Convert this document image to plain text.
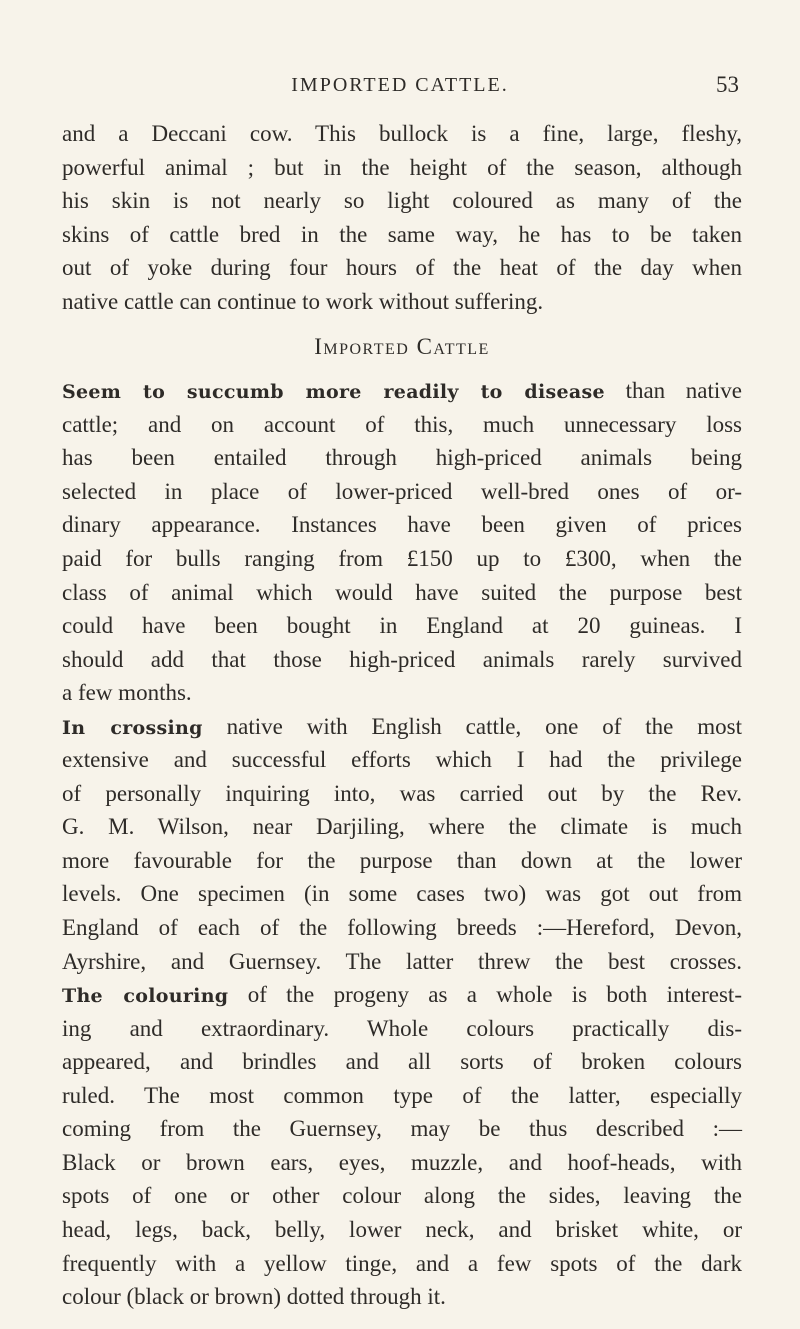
IMPORTED CATTLE.	53
and a Deccani cow. This bullock is a fine, large, fleshy,
powerful animal ; but in the height of the season, although
his skin is not nearly so light coloured as many of the
skins of cattle bred in the same way, he has to be taken
out of yoke during four hours of the heat of the day when
native cattle can continue to work without suffering.
Imported Cattle
Seem to succumb more readily to disease than native
cattle; and on account of this, much unnecessary loss
has been entailed through high-priced animals being
selected in place of lower-priced well-bred ones of or-
dinary appearance. Instances have been given of prices
paid for bulls ranging from £150 up to £300, when the
class of animal which would have suited the purpose best
could have been bought in England at 20 guineas. I
should add that those high-priced animals rarely survived
a few months.
In crossing native with English cattle, one of the most
extensive and successful efforts which I had the privilege
of personally inquiring into, was carried out by the Rev.
G. M. Wilson, near Darjiling, where the climate is much
more favourable for the purpose than down at the lower
levels. One specimen (in some cases two) was got out from
England of each of the following breeds :—Hereford, Devon,
Ayrshire, and Guernsey. The latter threw the best crosses.
The colouring of the progeny as a whole is both interest-
ing and extraordinary. Whole colours practically dis-
appeared, and brindles and all sorts of broken colours
ruled. The most common type of the latter, especially
coming from the Guernsey, may be thus described :—
Black or brown ears, eyes, muzzle, and hoof-heads, with
spots of one or other colour along the sides, leaving the
head, legs, back, belly, lower neck, and brisket white, or
frequently with a yellow tinge, and a few spots of the dark
colour (black or brown) dotted through it.
